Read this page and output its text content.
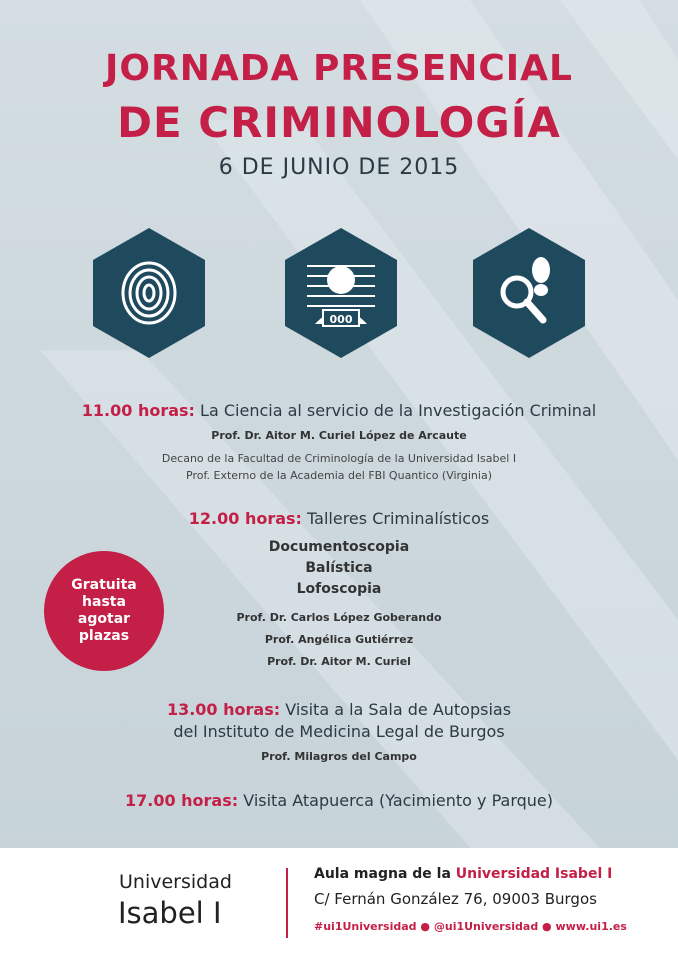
JORNADA PRESENCIAL
DE CRIMINOLOGÍA
6 DE JUNIO DE 2015
000
11.00 horas: La Ciencia al servicio de la Investigación Criminal
Prof. Dr. Aitor M. Curiel López de Arcaute
Decano de la Facultad de Criminología de la Universidad Isabel I
Prof. Externo de la Academia del FBI Quantico (Virginia)
12.00 horas: Talleres Criminalísticos
Documentoscopia
Balística
Lofoscopia
Prof. Dr. Carlos López Goberando
Prof. Angélica Gutiérrez
Prof. Dr. Aitor M. Curiel
13.00 horas: Visita a la Sala de Autopsias
del Instituto de Medicina Legal de Burgos
Prof. Milagros del Campo
17.00 horas: Visita Atapuerca (Yacimiento y Parque)
Gratuita
hasta
agotar
plazas
Universidad
Isabel I
Aula magna de la Universidad Isabel I
C/ Fernán González 76, 09003 Burgos
#ui1Universidad ● @ui1Universidad ● www.ui1.es
